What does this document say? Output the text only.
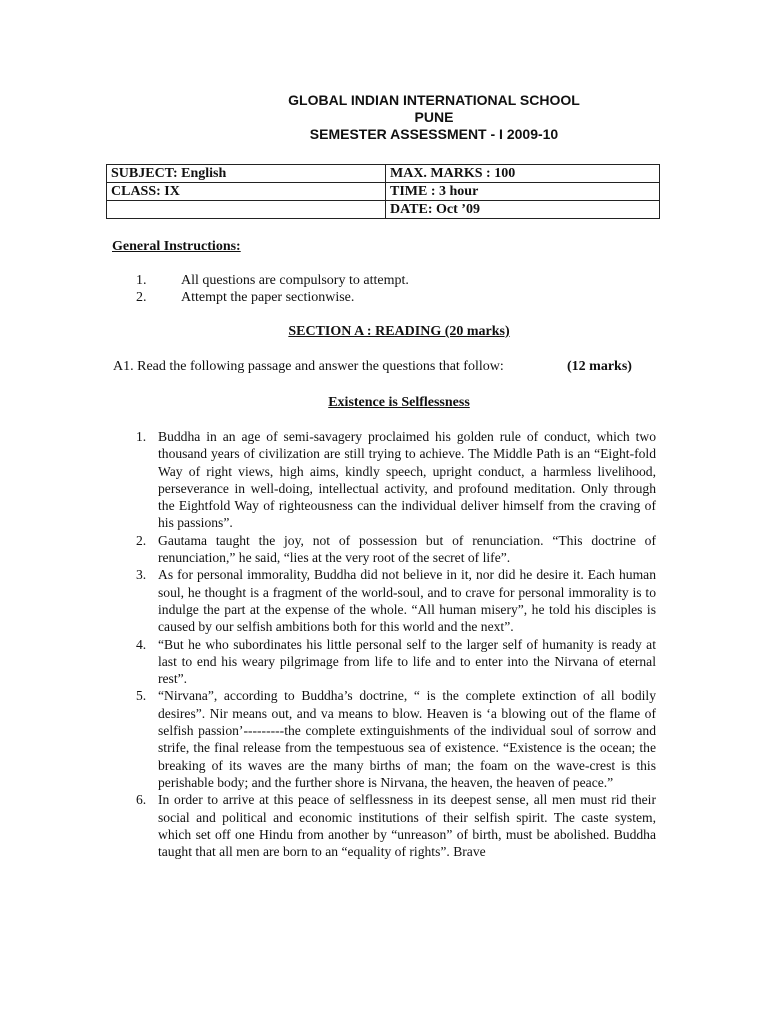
GLOBAL INDIAN INTERNATIONAL SCHOOL
PUNE
SEMESTER ASSESSMENT - I 2009-10
SUBJECT: English	MAX. MARKS : 100
CLASS: IX	TIME : 3 hour
	DATE: Oct ’09
General Instructions:
1. All questions are compulsory to attempt.
2. Attempt the paper sectionwise.
SECTION A : READING (20 marks)
A1. Read the following passage and answer the questions that follow:	(12 marks)
Existence is Selflessness
1. Buddha in an age of semi-savagery proclaimed his golden rule of conduct, which two thousand years of civilization are still trying to achieve. The Middle Path is an “Eight-fold Way of right views, high aims, kindly speech, upright conduct, a harmless livelihood, perseverance in well-doing, intellectual activity, and profound meditation. Only through the Eightfold Way of righteousness can the individual deliver himself from the craving of his passions”.
2. Gautama taught the joy, not of possession but of renunciation. “This doctrine of renunciation,” he said, “lies at the very root of the secret of life”.
3. As for personal immorality, Buddha did not believe in it, nor did he desire it. Each human soul, he thought is a fragment of the world-soul, and to crave for personal immorality is to indulge the part at the expense of the whole. “All human misery”, he told his disciples is caused by our selfish ambitions both for this world and the next”.
4. “But he who subordinates his little personal self to the larger self of humanity is ready at last to end his weary pilgrimage from life to life and to enter into the Nirvana of eternal rest”.
5. “Nirvana”, according to Buddha’s doctrine, “ is the complete extinction of all bodily desires”. Nir means out, and va means to blow. Heaven is ‘a blowing out of the flame of selfish passion’---------the complete extinguishments of the individual soul of sorrow and strife, the final release from the tempestuous sea of existence. “Existence is the ocean; the breaking of its waves are the many births of man; the foam on the wave-crest is this perishable body; and the further shore is Nirvana, the heaven, the heaven of peace.”
6. In order to arrive at this peace of selflessness in its deepest sense, all men must rid their social and political and economic institutions of their selfish spirit. The caste system, which set off one Hindu from another by “unreason” of birth, must be abolished. Buddha taught that all men are born to an “equality of rights”. Brave
